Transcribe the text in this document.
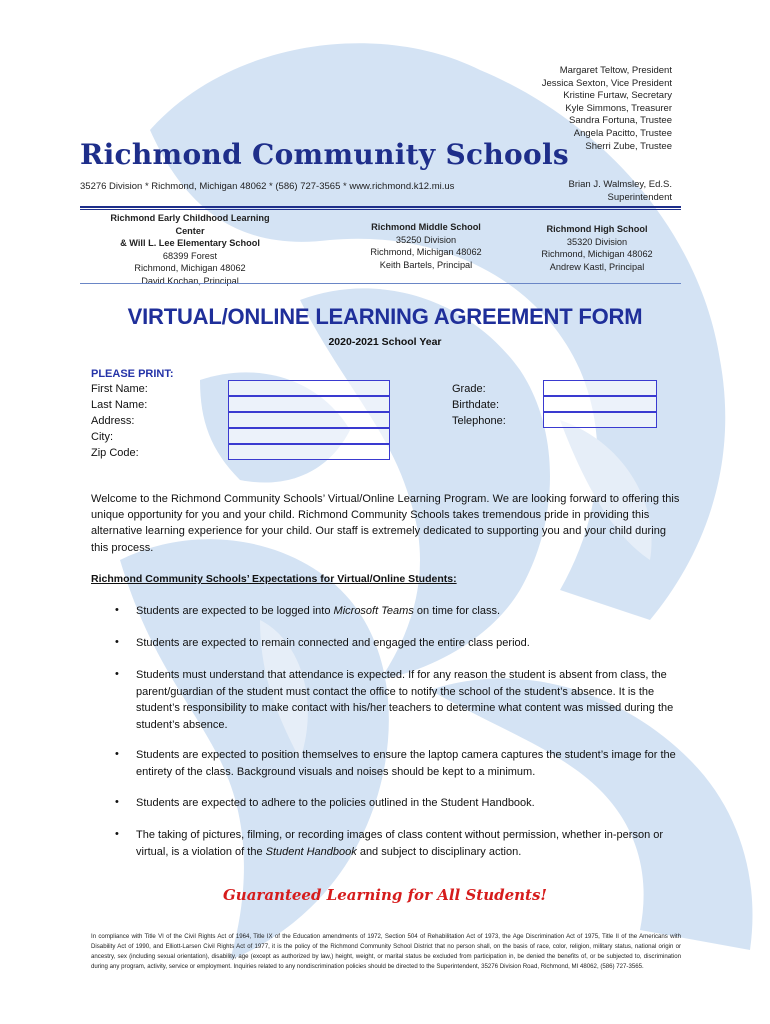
Margaret Teltow, President
Jessica Sexton, Vice President
Kristine Furtaw, Secretary
Kyle Simmons, Treasurer
Sandra Fortuna, Trustee
Angela Pacitto, Trustee
Sherri Zube, Trustee
Richmond Community Schools
35276 Division * Richmond, Michigan 48062 * (586) 727-3565 * www.richmond.k12.mi.us	Brian J. Walmsley, Ed.S.
Superintendent
Richmond Early Childhood Learning Center
& Will L. Lee Elementary School
68399 Forest
Richmond, Michigan 48062
David Kochan, Principal
Richmond Middle School
35250 Division
Richmond, Michigan 48062
Keith Bartels, Principal
Richmond High School
35320 Division
Richmond, Michigan 48062
Andrew Kastl, Principal
VIRTUAL/ONLINE LEARNING AGREEMENT FORM
2020-2021 School Year
PLEASE PRINT:
First Name:
Last Name:
Address:
City:
Zip Code:
Grade:
Birthdate:
Telephone:
Welcome to the Richmond Community Schools’ Virtual/Online Learning Program. We are looking forward to offering this unique opportunity for you and your child. Richmond Community Schools takes tremendous pride in providing this alternative learning experience for your child. Our staff is extremely dedicated to supporting you and your child during this process.
Richmond Community Schools’ Expectations for Virtual/Online Students:
• Students are expected to be logged into Microsoft Teams on time for class.
• Students are expected to remain connected and engaged the entire class period.
• Students must understand that attendance is expected. If for any reason the student is absent from class, the parent/guardian of the student must contact the office to notify the school of the student’s absence. It is the student’s responsibility to make contact with his/her teachers to determine what content was missed during the student’s absence.
• Students are expected to position themselves to ensure the laptop camera captures the student’s image for the entirety of the class. Background visuals and noises should be kept to a minimum.
• Students are expected to adhere to the policies outlined in the Student Handbook.
• The taking of pictures, filming, or recording images of class content without permission, whether in-person or virtual, is a violation of the Student Handbook and subject to disciplinary action.
Guaranteed Learning for All Students!
In compliance with Title VI of the Civil Rights Act of 1964, Title IX of the Education amendments of 1972, Section 504 of Rehabilitation Act of 1973, the Age Discrimination Act of 1975, Title II of the Americans with Disability Act of 1990, and Elliott-Larsen Civil Rights Act of 1977, it is the policy of the Richmond Community School District that no person shall, on the basis of race, color, religion, military status, national origin or ancestry, sex (including sexual orientation), disability, age (except as authorized by law,) height, weight, or marital status be excluded from participation in, be denied the benefits of, or be subjected to, discrimination during any program, activity, service or employment. Inquiries related to any nondiscrimination policies should be directed to the Superintendent, 35276 Division Road, Richmond, MI 48062, (586) 727-3565.
